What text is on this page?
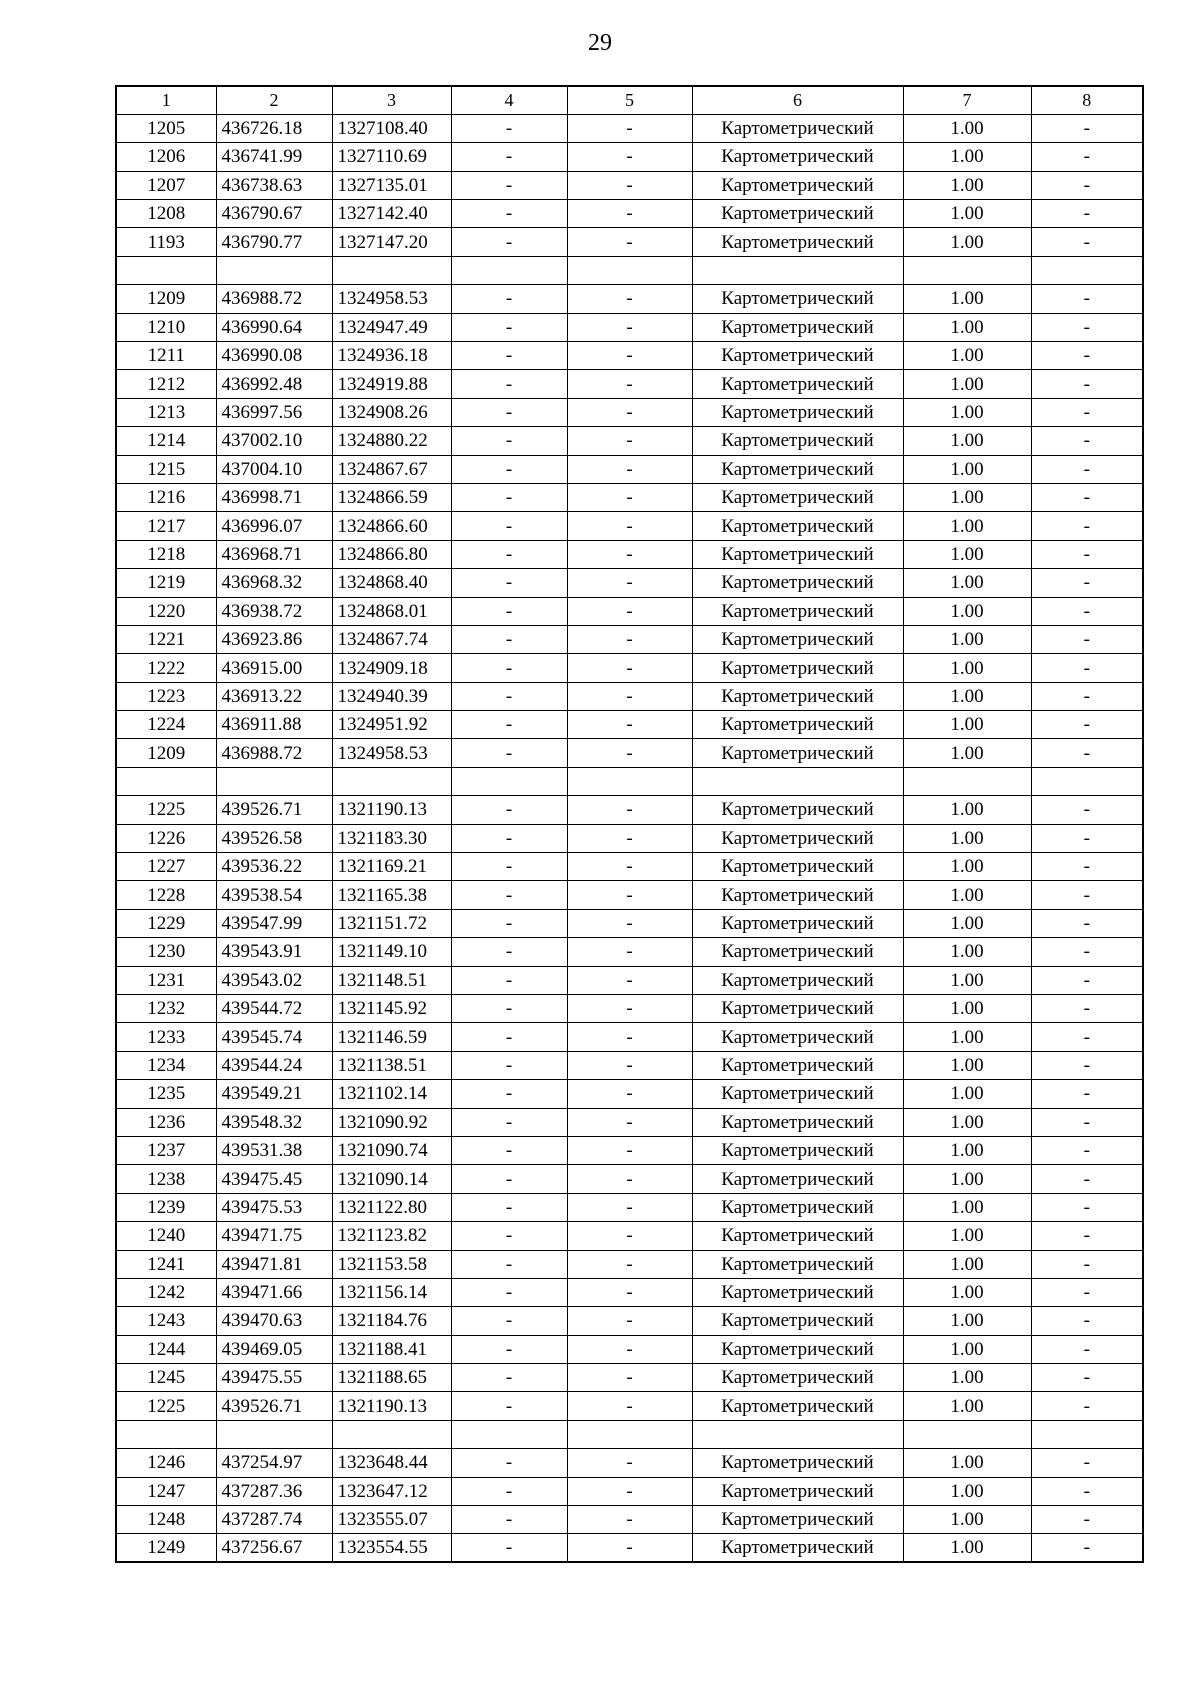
29
1	2	3	4	5	6	7	8
1205	436726.18	1327108.40	-	-	Картометрический	1.00	-
1206	436741.99	1327110.69	-	-	Картометрический	1.00	-
1207	436738.63	1327135.01	-	-	Картометрический	1.00	-
1208	436790.67	1327142.40	-	-	Картометрический	1.00	-
1193	436790.77	1327147.20	-	-	Картометрический	1.00	-

1209	436988.72	1324958.53	-	-	Картометрический	1.00	-
1210	436990.64	1324947.49	-	-	Картометрический	1.00	-
1211	436990.08	1324936.18	-	-	Картометрический	1.00	-
1212	436992.48	1324919.88	-	-	Картометрический	1.00	-
1213	436997.56	1324908.26	-	-	Картометрический	1.00	-
1214	437002.10	1324880.22	-	-	Картометрический	1.00	-
1215	437004.10	1324867.67	-	-	Картометрический	1.00	-
1216	436998.71	1324866.59	-	-	Картометрический	1.00	-
1217	436996.07	1324866.60	-	-	Картометрический	1.00	-
1218	436968.71	1324866.80	-	-	Картометрический	1.00	-
1219	436968.32	1324868.40	-	-	Картометрический	1.00	-
1220	436938.72	1324868.01	-	-	Картометрический	1.00	-
1221	436923.86	1324867.74	-	-	Картометрический	1.00	-
1222	436915.00	1324909.18	-	-	Картометрический	1.00	-
1223	436913.22	1324940.39	-	-	Картометрический	1.00	-
1224	436911.88	1324951.92	-	-	Картометрический	1.00	-
1209	436988.72	1324958.53	-	-	Картометрический	1.00	-

1225	439526.71	1321190.13	-	-	Картометрический	1.00	-
1226	439526.58	1321183.30	-	-	Картометрический	1.00	-
1227	439536.22	1321169.21	-	-	Картометрический	1.00	-
1228	439538.54	1321165.38	-	-	Картометрический	1.00	-
1229	439547.99	1321151.72	-	-	Картометрический	1.00	-
1230	439543.91	1321149.10	-	-	Картометрический	1.00	-
1231	439543.02	1321148.51	-	-	Картометрический	1.00	-
1232	439544.72	1321145.92	-	-	Картометрический	1.00	-
1233	439545.74	1321146.59	-	-	Картометрический	1.00	-
1234	439544.24	1321138.51	-	-	Картометрический	1.00	-
1235	439549.21	1321102.14	-	-	Картометрический	1.00	-
1236	439548.32	1321090.92	-	-	Картометрический	1.00	-
1237	439531.38	1321090.74	-	-	Картометрический	1.00	-
1238	439475.45	1321090.14	-	-	Картометрический	1.00	-
1239	439475.53	1321122.80	-	-	Картометрический	1.00	-
1240	439471.75	1321123.82	-	-	Картометрический	1.00	-
1241	439471.81	1321153.58	-	-	Картометрический	1.00	-
1242	439471.66	1321156.14	-	-	Картометрический	1.00	-
1243	439470.63	1321184.76	-	-	Картометрический	1.00	-
1244	439469.05	1321188.41	-	-	Картометрический	1.00	-
1245	439475.55	1321188.65	-	-	Картометрический	1.00	-
1225	439526.71	1321190.13	-	-	Картометрический	1.00	-

1246	437254.97	1323648.44	-	-	Картометрический	1.00	-
1247	437287.36	1323647.12	-	-	Картометрический	1.00	-
1248	437287.74	1323555.07	-	-	Картометрический	1.00	-
1249	437256.67	1323554.55	-	-	Картометрический	1.00	-
